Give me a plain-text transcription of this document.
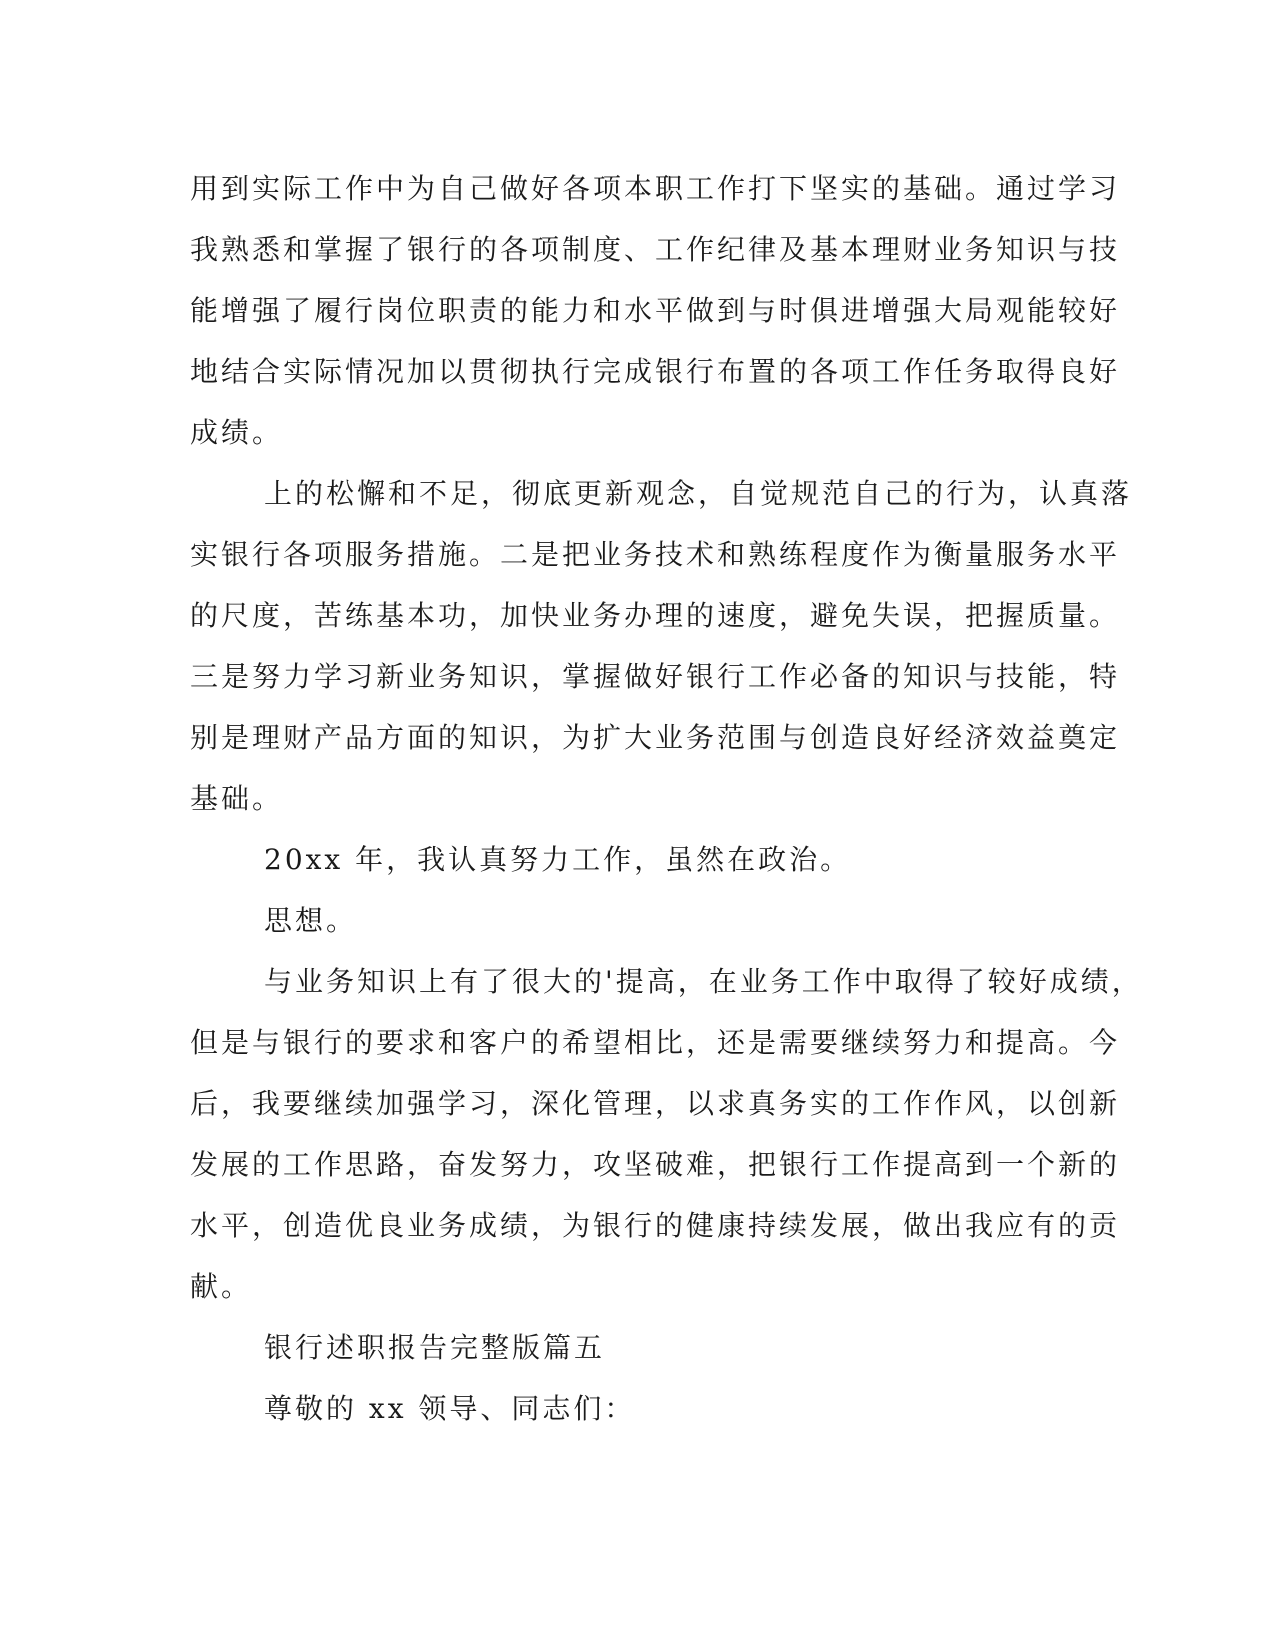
用到实际工作中为自己做好各项本职工作打下坚实的基础。通过学习
我熟悉和掌握了银行的各项制度、工作纪律及基本理财业务知识与技
能增强了履行岗位职责的能力和水平做到与时俱进增强大局观能较好
地结合实际情况加以贯彻执行完成银行布置的各项工作任务取得良好
成绩。
上的松懈和不足，彻底更新观念，自觉规范自己的行为，认真落
实银行各项服务措施。二是把业务技术和熟练程度作为衡量服务水平
的尺度，苦练基本功，加快业务办理的速度，避免失误，把握质量。
三是努力学习新业务知识，掌握做好银行工作必备的知识与技能，特
别是理财产品方面的知识，为扩大业务范围与创造良好经济效益奠定
基础。
20xx 年，我认真努力工作，虽然在政治。
思想。
与业务知识上有了很大的'提高，在业务工作中取得了较好成绩，
但是与银行的要求和客户的希望相比，还是需要继续努力和提高。今
后，我要继续加强学习，深化管理，以求真务实的工作作风，以创新
发展的工作思路，奋发努力，攻坚破难，把银行工作提高到一个新的
水平，创造优良业务成绩，为银行的健康持续发展，做出我应有的贡
献。
银行述职报告完整版篇五
尊敬的 xx 领导、同志们：
